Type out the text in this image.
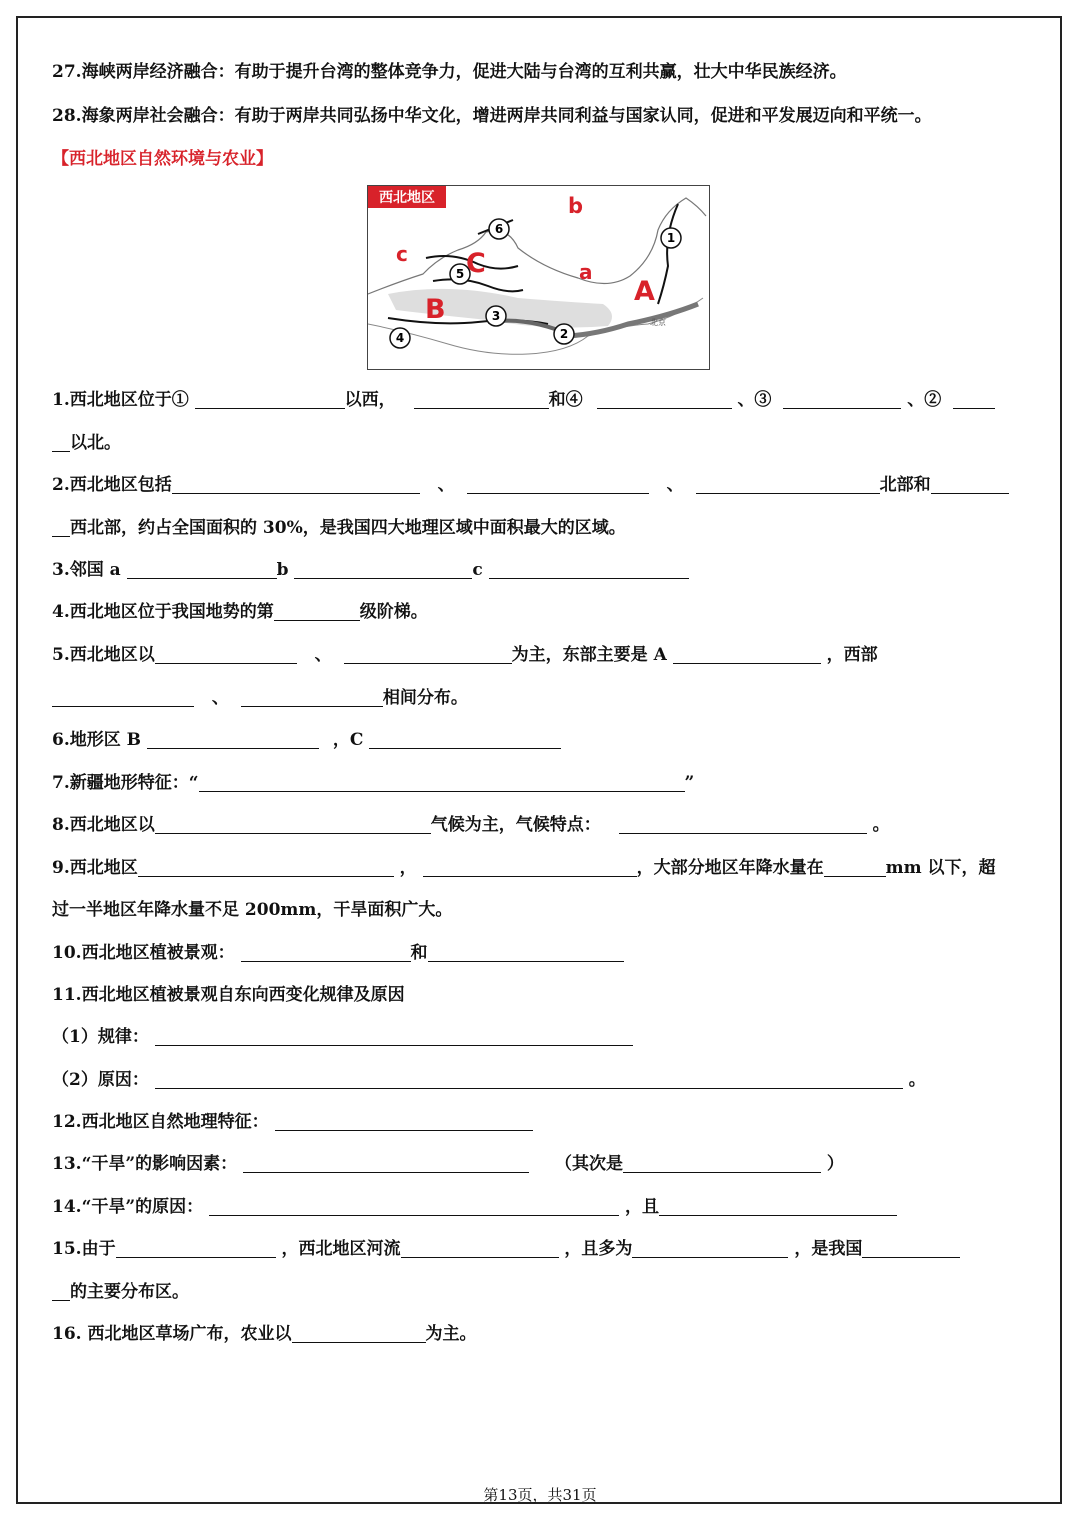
27.海峡两岸经济融合：有助于提升台湾的整体竞争力，促进大陆与台湾的互利共赢，壮大中华民族经济。
28.海象两岸社会融合：有助于两岸共同弘扬中华文化，增进两岸共同利益与国家认同，促进和平发展迈向和平统一。
【西北地区自然环境与农业】
西北地区
6
5
1
3
4	2
b
c
a
C
B
A
北京
1.西北地区位于①	以西，	和④	、③	、②
以北。
2.西北地区包括	、	、	北部和
西北部，约占全国面积的 30%，是我国四大地理区域中面积最大的区域。
3.邻国 a	b	c
4.西北地区位于我国地势的第	级阶梯。
5.西北地区以	、	为主，东部主要是 A	，西部
、	相间分布。
6.地形区 B	，C
7.新疆地形特征：“	”
8.西北地区以	气候为主，气候特点：	。
9.西北地区	，	，大部分地区年降水量在	mm 以下，超
过一半地区年降水量不足 200mm，干旱面积广大。
10.西北地区植被景观：	和
11.西北地区植被景观自东向西变化规律及原因
（1）规律：
（2）原因：	。
12.西北地区自然地理特征：
13.“干旱”的影响因素：	（其次是	）
14.“干旱”的原因：	，且
15.由于	，西北地区河流	，且多为	，是我国
的主要分布区。
16. 西北地区草场广布，农业以	为主。
第13页，共31页
